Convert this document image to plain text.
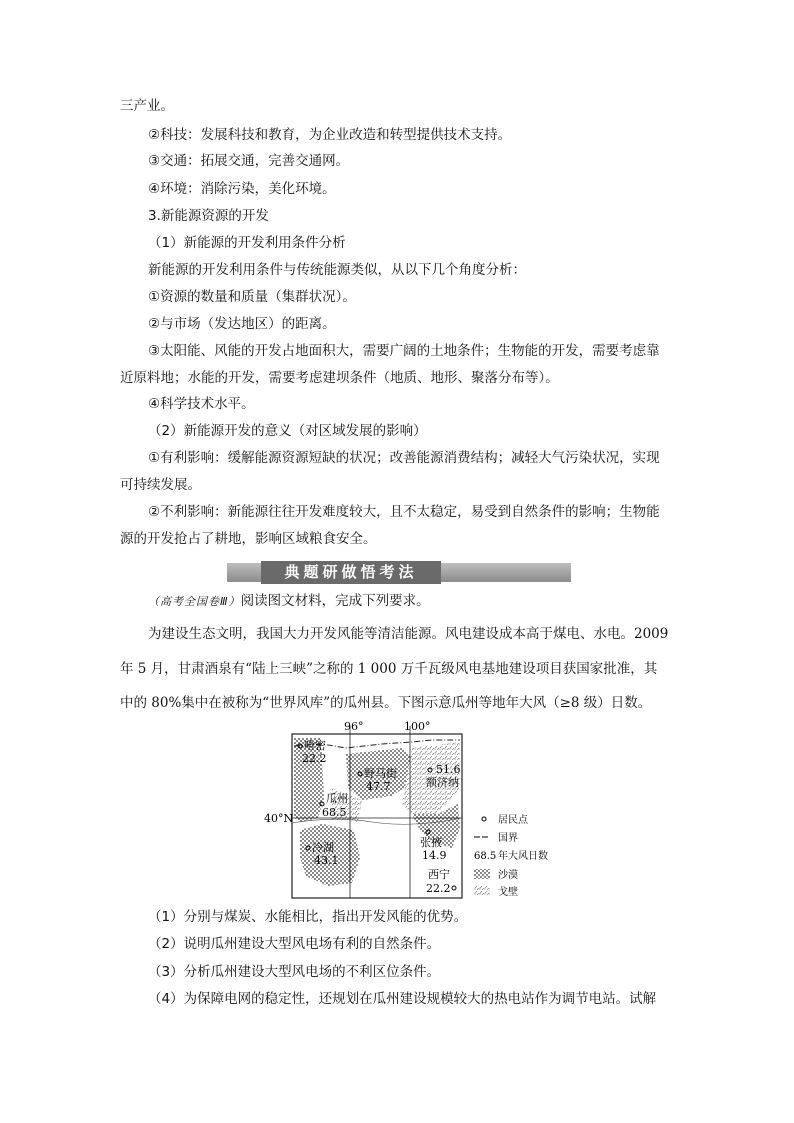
三产业。
②科技：发展科技和教育，为企业改造和转型提供技术支持。
③交通：拓展交通，完善交通网。
④环境：消除污染，美化环境。
3.新能源资源的开发
（1）新能源的开发利用条件分析
新能源的开发利用条件与传统能源类似，从以下几个角度分析：
①资源的数量和质量（集群状况）。
②与市场（发达地区）的距离。
③太阳能、风能的开发占地面积大，需要广阔的土地条件；生物能的开发，需要考虑靠
近原料地；水能的开发，需要考虑建坝条件（地质、地形、聚落分布等）。
④科学技术水平。
（2）新能源开发的意义（对区域发展的影响）
①有利影响：缓解能源资源短缺的状况；改善能源消费结构；减轻大气污染状况，实现
可持续发展。
②不利影响：新能源往往开发难度较大，且不太稳定，易受到自然条件的影响；生物能
源的开发抢占了耕地，影响区域粮食安全。
典题研做悟考法
（高考全国卷Ⅲ）阅读图文材料，完成下列要求。
为建设生态文明，我国大力开发风能等清洁能源。风电建设成本高于煤电、水电。2009
年 5 月，甘肃酒泉有“陆上三峡”之称的 1 000 万千瓦级风电基地建设项目获国家批准，其
中的 80%集中在被称为“世界风库”的瓜州县。下图示意瓜州等地年大风（≥8 级）日数。
96°	100°
40°N
哈密
22.2
野马街
47.7
51.6
额济纳
瓜州
68.5
冷湖
43.1
张掖
14.9
西宁
22.2
居民点
国界
68.5 年大风日数
沙漠
戈壁
（1）分别与煤炭、水能相比，指出开发风能的优势。
（2）说明瓜州建设大型风电场有利的自然条件。
（3）分析瓜州建设大型风电场的不利区位条件。
（4）为保障电网的稳定性，还规划在瓜州建设规模较大的热电站作为调节电站。试解
